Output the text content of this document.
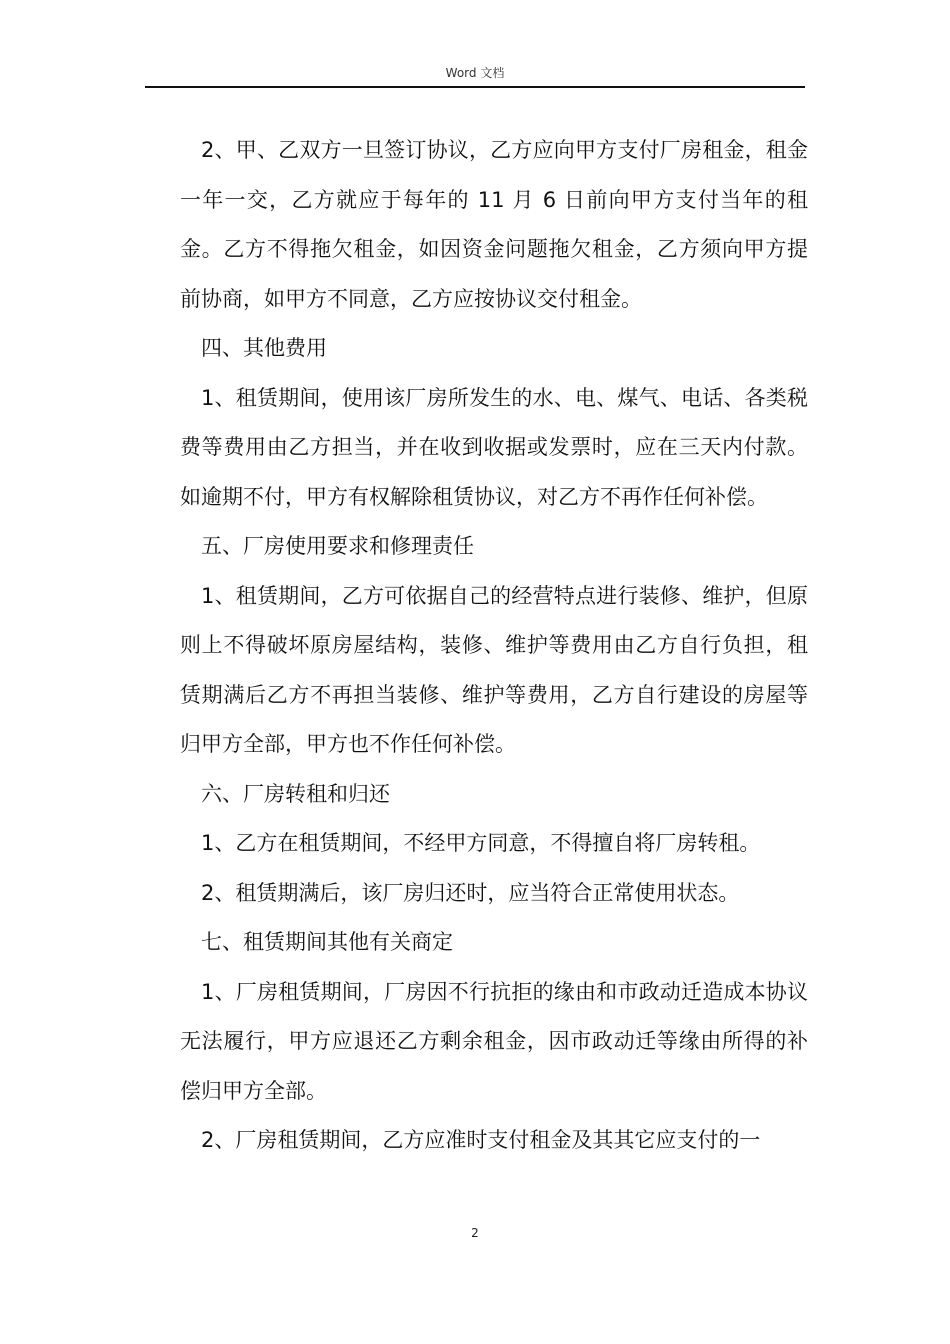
Word 文档

2、甲、乙双方一旦签订协议，乙方应向甲方支付厂房租金，租金一年一交，乙方就应于每年的 11 月 6 日前向甲方支付当年的租金。乙方不得拖欠租金，如因资金问题拖欠租金，乙方须向甲方提前协商，如甲方不同意，乙方应按协议交付租金。

四、其他费用

1、租赁期间，使用该厂房所发生的水、电、煤气、电话、各类税费等费用由乙方担当，并在收到收据或发票时，应在三天内付款。如逾期不付，甲方有权解除租赁协议，对乙方不再作任何补偿。

五、厂房使用要求和修理责任

1、租赁期间，乙方可依据自己的经营特点进行装修、维护，但原则上不得破坏原房屋结构，装修、维护等费用由乙方自行负担，租赁期满后乙方不再担当装修、维护等费用，乙方自行建设的房屋等归甲方全部，甲方也不作任何补偿。

六、厂房转租和归还

1、乙方在租赁期间，不经甲方同意，不得擅自将厂房转租。

2、租赁期满后，该厂房归还时，应当符合正常使用状态。

七、租赁期间其他有关商定

1、厂房租赁期间，厂房因不行抗拒的缘由和市政动迁造成本协议无法履行，甲方应退还乙方剩余租金，因市政动迁等缘由所得的补偿归甲方全部。

2、厂房租赁期间，乙方应准时支付租金及其其它应支付的一

2
